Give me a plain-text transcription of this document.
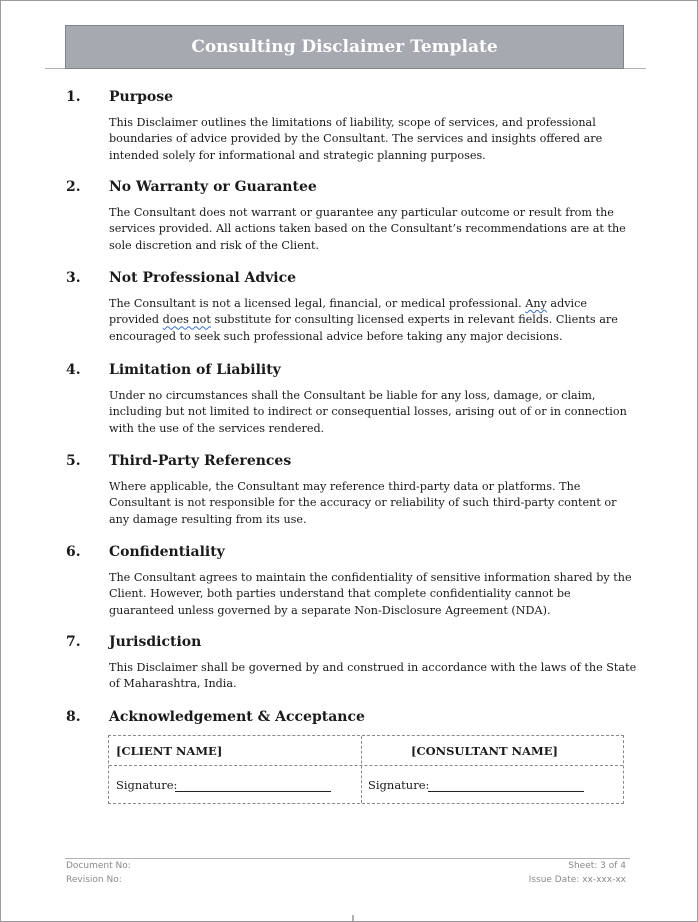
Consulting Disclaimer Template
1. Purpose
This Disclaimer outlines the limitations of liability, scope of services, and professional
boundaries of advice provided by the Consultant. The services and insights offered are
intended solely for informational and strategic planning purposes.
2. No Warranty or Guarantee
The Consultant does not warrant or guarantee any particular outcome or result from the
services provided. All actions taken based on the Consultant’s recommendations are at the
sole discretion and risk of the Client.
3. Not Professional Advice
The Consultant is not a licensed legal, financial, or medical professional. Any advice
provided does not substitute for consulting licensed experts in relevant fields. Clients are
encouraged to seek such professional advice before taking any major decisions.
4. Limitation of Liability
Under no circumstances shall the Consultant be liable for any loss, damage, or claim,
including but not limited to indirect or consequential losses, arising out of or in connection
with the use of the services rendered.
5. Third-Party References
Where applicable, the Consultant may reference third-party data or platforms. The
Consultant is not responsible for the accuracy or reliability of such third-party content or
any damage resulting from its use.
6. Confidentiality
The Consultant agrees to maintain the confidentiality of sensitive information shared by the
Client. However, both parties understand that complete confidentiality cannot be
guaranteed unless governed by a separate Non-Disclosure Agreement (NDA).
7. Jurisdiction
This Disclaimer shall be governed by and construed in accordance with the laws of the State
of Maharashtra, India.
8. Acknowledgement & Acceptance
[CLIENT NAME]	[CONSULTANT NAME]
Signature:	Signature:
Document No:
Revision No:
Sheet: 3 of 4
Issue Date: xx-xxx-xx
